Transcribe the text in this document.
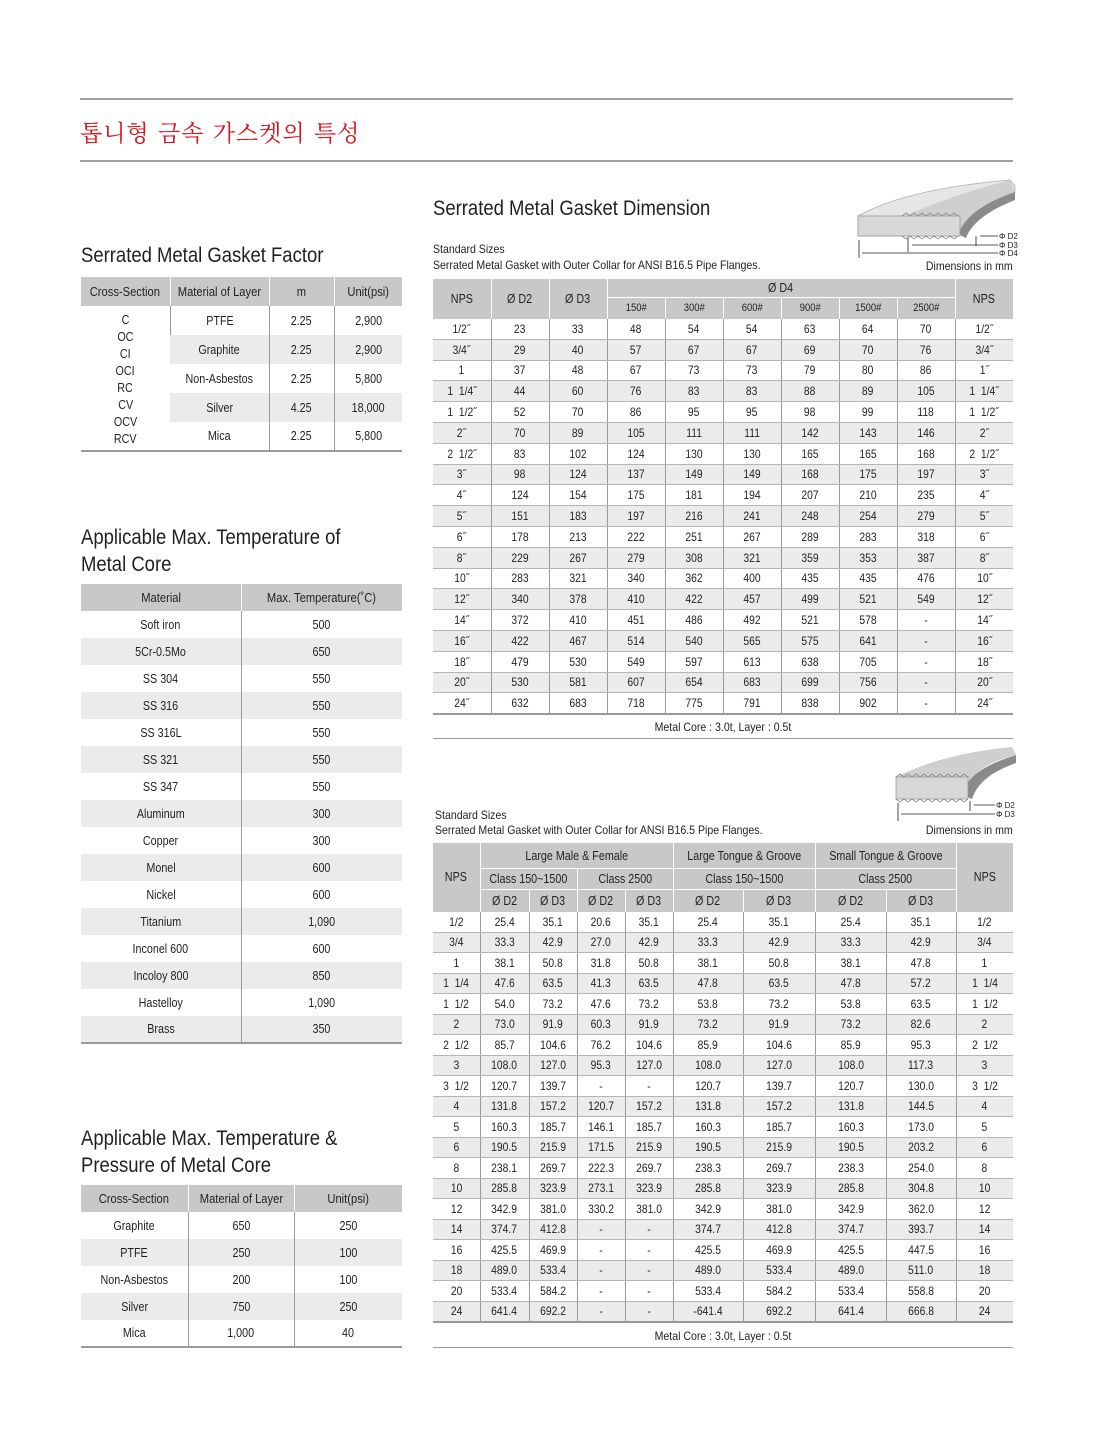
톱니형 금속 가스켓의 특성
Serrated Metal Gasket Factor
Cross-Section	Material of Layer	m	Unit(psi)

C
OC
CI
OCI
RC
CV
OCV
RCV
	PTFE	2.25	2,900
	Graphite	2.25	2,900
	Non-Asbestos	2.25	5,800
	Silver	4.25	18,000
	Mica	2.25	5,800
Applicable Max. Temperature of
Metal Core
Material	Max. Temperature(˚C)
Soft iron	500
5Cr-0.5Mo	650
SS 304	550
SS 316	550
SS 316L	550
SS 321	550
SS 347	550
Aluminum	300
Copper	300
Monel	600
Nickel	600
Titanium	1,090
Inconel 600	600
Incoloy 800	850
Hastelloy	1,090
Brass	350
Applicable Max. Temperature &
Pressure of Metal Core
Cross-Section	Material of Layer	Unit(psi)
Graphite	650	250
PTFE	250	100
Non-Asbestos	200	100
Silver	750	250
Mica	1,000	40
Serrated Metal Gasket Dimension
Φ D2
Φ D3
Φ D4
Standard Sizes
Serrated Metal Gasket with Outer Collar for ANSI B16.5 Pipe Flanges.	Dimensions in mm
NPS	Ø D2	Ø D3	Ø D4						NPS
			150#	300#	600#	900#	1500#	2500#	
1/2˝	23	33	48	54	54	63	64	70	1/2˝
3/4˝	29	40	57	67	67	69	70	76	3/4˝
1	37	48	67	73	73	79	80	86	1˝
1  1/4˝	44	60	76	83	83	88	89	105	1  1/4˝
1  1/2˝	52	70	86	95	95	98	99	118	1  1/2˝
2˝	70	89	105	111	111	142	143	146	2˝
2  1/2˝	83	102	124	130	130	165	165	168	2  1/2˝
3˝	98	124	137	149	149	168	175	197	3˝
4˝	124	154	175	181	194	207	210	235	4˝
5˝	151	183	197	216	241	248	254	279	5˝
6˝	178	213	222	251	267	289	283	318	6˝
8˝	229	267	279	308	321	359	353	387	8˝
10˝	283	321	340	362	400	435	435	476	10˝
12˝	340	378	410	422	457	499	521	549	12˝
14˝	372	410	451	486	492	521	578	-	14˝
16˝	422	467	514	540	565	575	641	-	16˝
18˝	479	530	549	597	613	638	705	-	18˝
20˝	530	581	607	654	683	699	756	-	20˝
24˝	632	683	718	775	791	838	902	-	24˝
Metal Core : 3.0t, Layer : 0.5t
Φ D2
Φ D3
Standard Sizes
Serrated Metal Gasket with Outer Collar for ANSI B16.5 Pipe Flanges.	Dimensions in mm
NPS	Large Male & Female				Large Tongue & Groove		Small Tongue & Groove		NPS
	Class 150~1500		Class 2500		Class 150~1500		Class 2500		
	Ø D2	Ø D3	Ø D2	Ø D3	Ø D2	Ø D3	Ø D2	Ø D3	
1/2	25.4	35.1	20.6	35.1	25.4	35.1	25.4	35.1	1/2
3/4	33.3	42.9	27.0	42.9	33.3	42.9	33.3	42.9	3/4
1	38.1	50.8	31.8	50.8	38.1	50.8	38.1	47.8	1
1  1/4	47.6	63.5	41.3	63.5	47.8	63.5	47.8	57.2	1  1/4
1  1/2	54.0	73.2	47.6	73.2	53.8	73.2	53.8	63.5	1  1/2
2	73.0	91.9	60.3	91.9	73.2	91.9	73.2	82.6	2
2  1/2	85.7	104.6	76.2	104.6	85.9	104.6	85.9	95.3	2  1/2
3	108.0	127.0	95.3	127.0	108.0	127.0	108.0	117.3	3
3  1/2	120.7	139.7	-	-	120.7	139.7	120.7	130.0	3  1/2
4	131.8	157.2	120.7	157.2	131.8	157.2	131.8	144.5	4
5	160.3	185.7	146.1	185.7	160.3	185.7	160.3	173.0	5
6	190.5	215.9	171.5	215.9	190.5	215.9	190.5	203.2	6
8	238.1	269.7	222.3	269.7	238.3	269.7	238.3	254.0	8
10	285.8	323.9	273.1	323.9	285.8	323.9	285.8	304.8	10
12	342.9	381.0	330.2	381.0	342.9	381.0	342.9	362.0	12
14	374.7	412.8	-	-	374.7	412.8	374.7	393.7	14
16	425.5	469.9	-	-	425.5	469.9	425.5	447.5	16
18	489.0	533.4	-	-	489.0	533.4	489.0	511.0	18
20	533.4	584.2	-	-	533.4	584.2	533.4	558.8	20
24	641.4	692.2	-	-	-641.4	692.2	641.4	666.8	24
Metal Core : 3.0t, Layer : 0.5t
